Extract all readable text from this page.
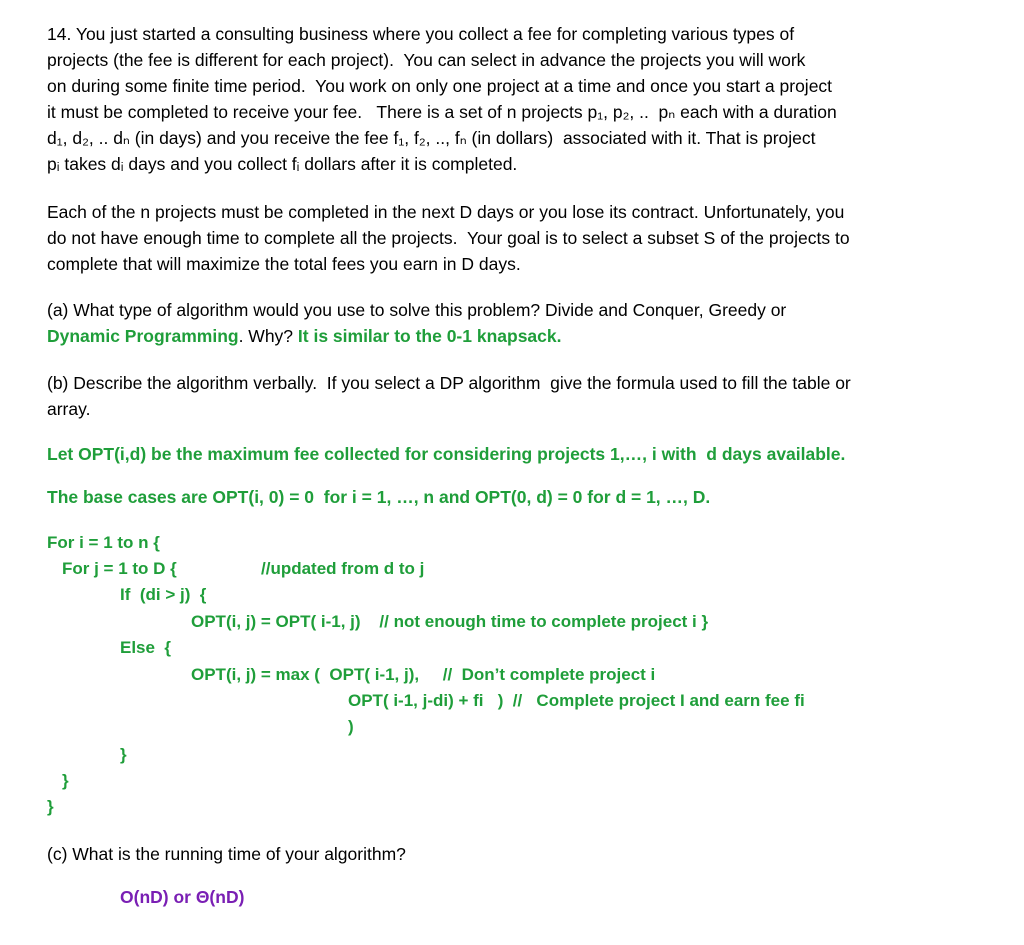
14. You just started a consulting business where you collect a fee for completing various types of
projects (the fee is different for each project).  You can select in advance the projects you will work
on during some finite time period.  You work on only one project at a time and once you start a project
it must be completed to receive your fee.   There is a set of n projects p₁, p₂, ..  pₙ each with a duration
d₁, d₂, .. dₙ (in days) and you receive the fee f₁, f₂, .., fₙ (in dollars)  associated with it. That is project
pᵢ takes dᵢ days and you collect fᵢ dollars after it is completed.
Each of the n projects must be completed in the next D days or you lose its contract. Unfortunately, you
do not have enough time to complete all the projects.  Your goal is to select a subset S of the projects to
complete that will maximize the total fees you earn in D days.
(a) What type of algorithm would you use to solve this problem? Divide and Conquer, Greedy or
Dynamic Programming. Why? It is similar to the 0-1 knapsack.
(b) Describe the algorithm verbally.  If you select a DP algorithm  give the formula used to fill the table or
array.
Let OPT(i,d) be the maximum fee collected for considering projects 1,…, i with  d days available.
The base cases are OPT(i, 0) = 0  for i = 1, …, n and OPT(0, d) = 0 for d = 1, …, D.
For i = 1 to n {
For j = 1 to D {	//updated from d to j
If  (di > j)  {
OPT(i, j) = OPT( i-1, j)    // not enough time to complete project i }
Else  {
OPT(i, j) = max (  OPT( i-1, j),     //  Don’t complete project i
OPT( i-1, j-di) + fi   )  //   Complete project I and earn fee fi
)
}
}
}
(c) What is the running time of your algorithm?
O(nD) or Θ(nD)
